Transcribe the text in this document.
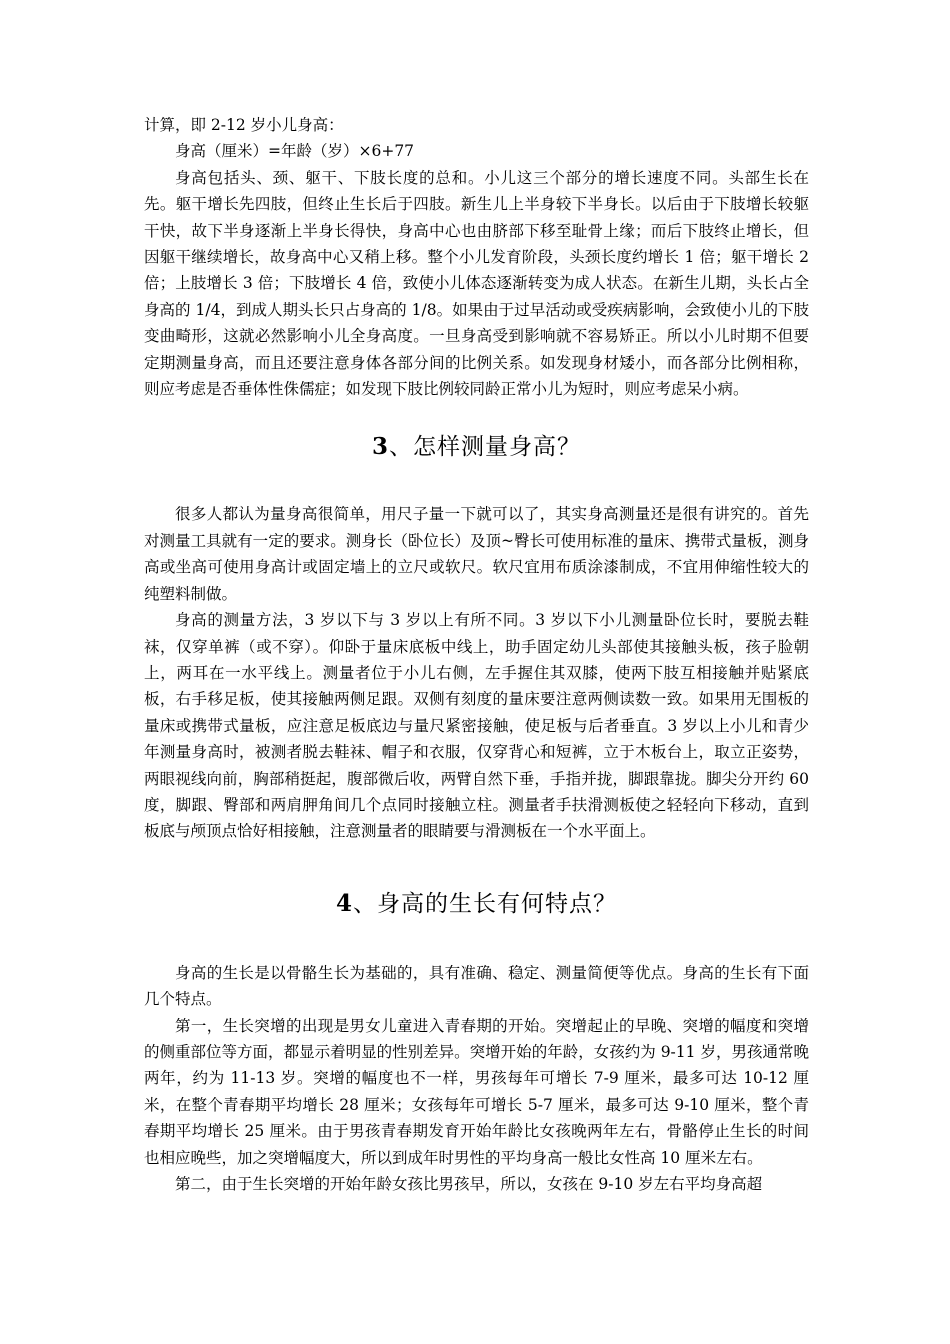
计算，即 2-12 岁小儿身高：

身高（厘米）=年龄（岁）×6+77

身高包括头、颈、躯干、下肢长度的总和。小儿这三个部分的增长速度不同。头部生长在先。躯干增长先四肢，但终止生长后于四肢。新生儿上半身较下半身长。以后由于下肢增长较躯干快，故下半身逐渐上半身长得快，身高中心也由脐部下移至耻骨上缘；而后下肢终止增长，但因躯干继续增长，故身高中心又稍上移。整个小儿发育阶段，头颈长度约增长 1 倍；躯干增长 2 倍；上肢增长 3 倍；下肢增长 4 倍，致使小儿体态逐渐转变为成人状态。在新生儿期，头长占全身高的 1/4，到成人期头长只占身高的 1/8。如果由于过早活动或受疾病影响，会致使小儿的下肢变曲畸形，这就必然影响小儿全身高度。一旦身高受到影响就不容易矫正。所以小儿时期不但要定期测量身高，而且还要注意身体各部分间的比例关系。如发现身材矮小，而各部分比例相称，则应考虑是否垂体性侏儒症；如发现下肢比例较同龄正常小儿为短时，则应考虑呆小病。

3、怎样测量身高？

很多人都认为量身高很简单，用尺子量一下就可以了，其实身高测量还是很有讲究的。首先对测量工具就有一定的要求。测身长（卧位长）及顶~臀长可使用标准的量床、携带式量板，测身高或坐高可使用身高计或固定墙上的立尺或软尺。软尺宜用布质涂漆制成，不宜用伸缩性较大的纯塑料制做。

身高的测量方法，3 岁以下与 3 岁以上有所不同。3 岁以下小儿测量卧位长时，要脱去鞋袜，仅穿单裤（或不穿）。仰卧于量床底板中线上，助手固定幼儿头部使其接触头板，孩子脸朝上，两耳在一水平线上。测量者位于小儿右侧，左手握住其双膝，使两下肢互相接触并贴紧底板，右手移足板，使其接触两侧足跟。双侧有刻度的量床要注意两侧读数一致。如果用无围板的量床或携带式量板，应注意足板底边与量尺紧密接触，使足板与后者垂直。3 岁以上小儿和青少年测量身高时，被测者脱去鞋袜、帽子和衣服，仅穿背心和短裤，立于木板台上，取立正姿势，两眼视线向前，胸部稍挺起，腹部微后收，两臂自然下垂，手指并拢，脚跟靠拢。脚尖分开约 60 度，脚跟、臀部和两肩胛角间几个点同时接触立柱。测量者手扶滑测板使之轻轻向下移动，直到板底与颅顶点恰好相接触，注意测量者的眼睛要与滑测板在一个水平面上。

4、身高的生长有何特点？

身高的生长是以骨骼生长为基础的，具有准确、稳定、测量简便等优点。身高的生长有下面几个特点。

第一，生长突增的出现是男女儿童进入青春期的开始。突增起止的早晚、突增的幅度和突增的侧重部位等方面，都显示着明显的性别差异。突增开始的年龄，女孩约为 9-11 岁，男孩通常晚两年，约为 11-13 岁。突增的幅度也不一样，男孩每年可增长 7-9 厘米，最多可达 10-12 厘米，在整个青春期平均增长 28 厘米；女孩每年可增长 5-7 厘米，最多可达 9-10 厘米，整个青春期平均增长 25 厘米。由于男孩青春期发育开始年龄比女孩晚两年左右，骨骼停止生长的时间也相应晚些，加之突增幅度大，所以到成年时男性的平均身高一般比女性高 10 厘米左右。

第二，由于生长突增的开始年龄女孩比男孩早，所以，女孩在 9-10 岁左右平均身高超
